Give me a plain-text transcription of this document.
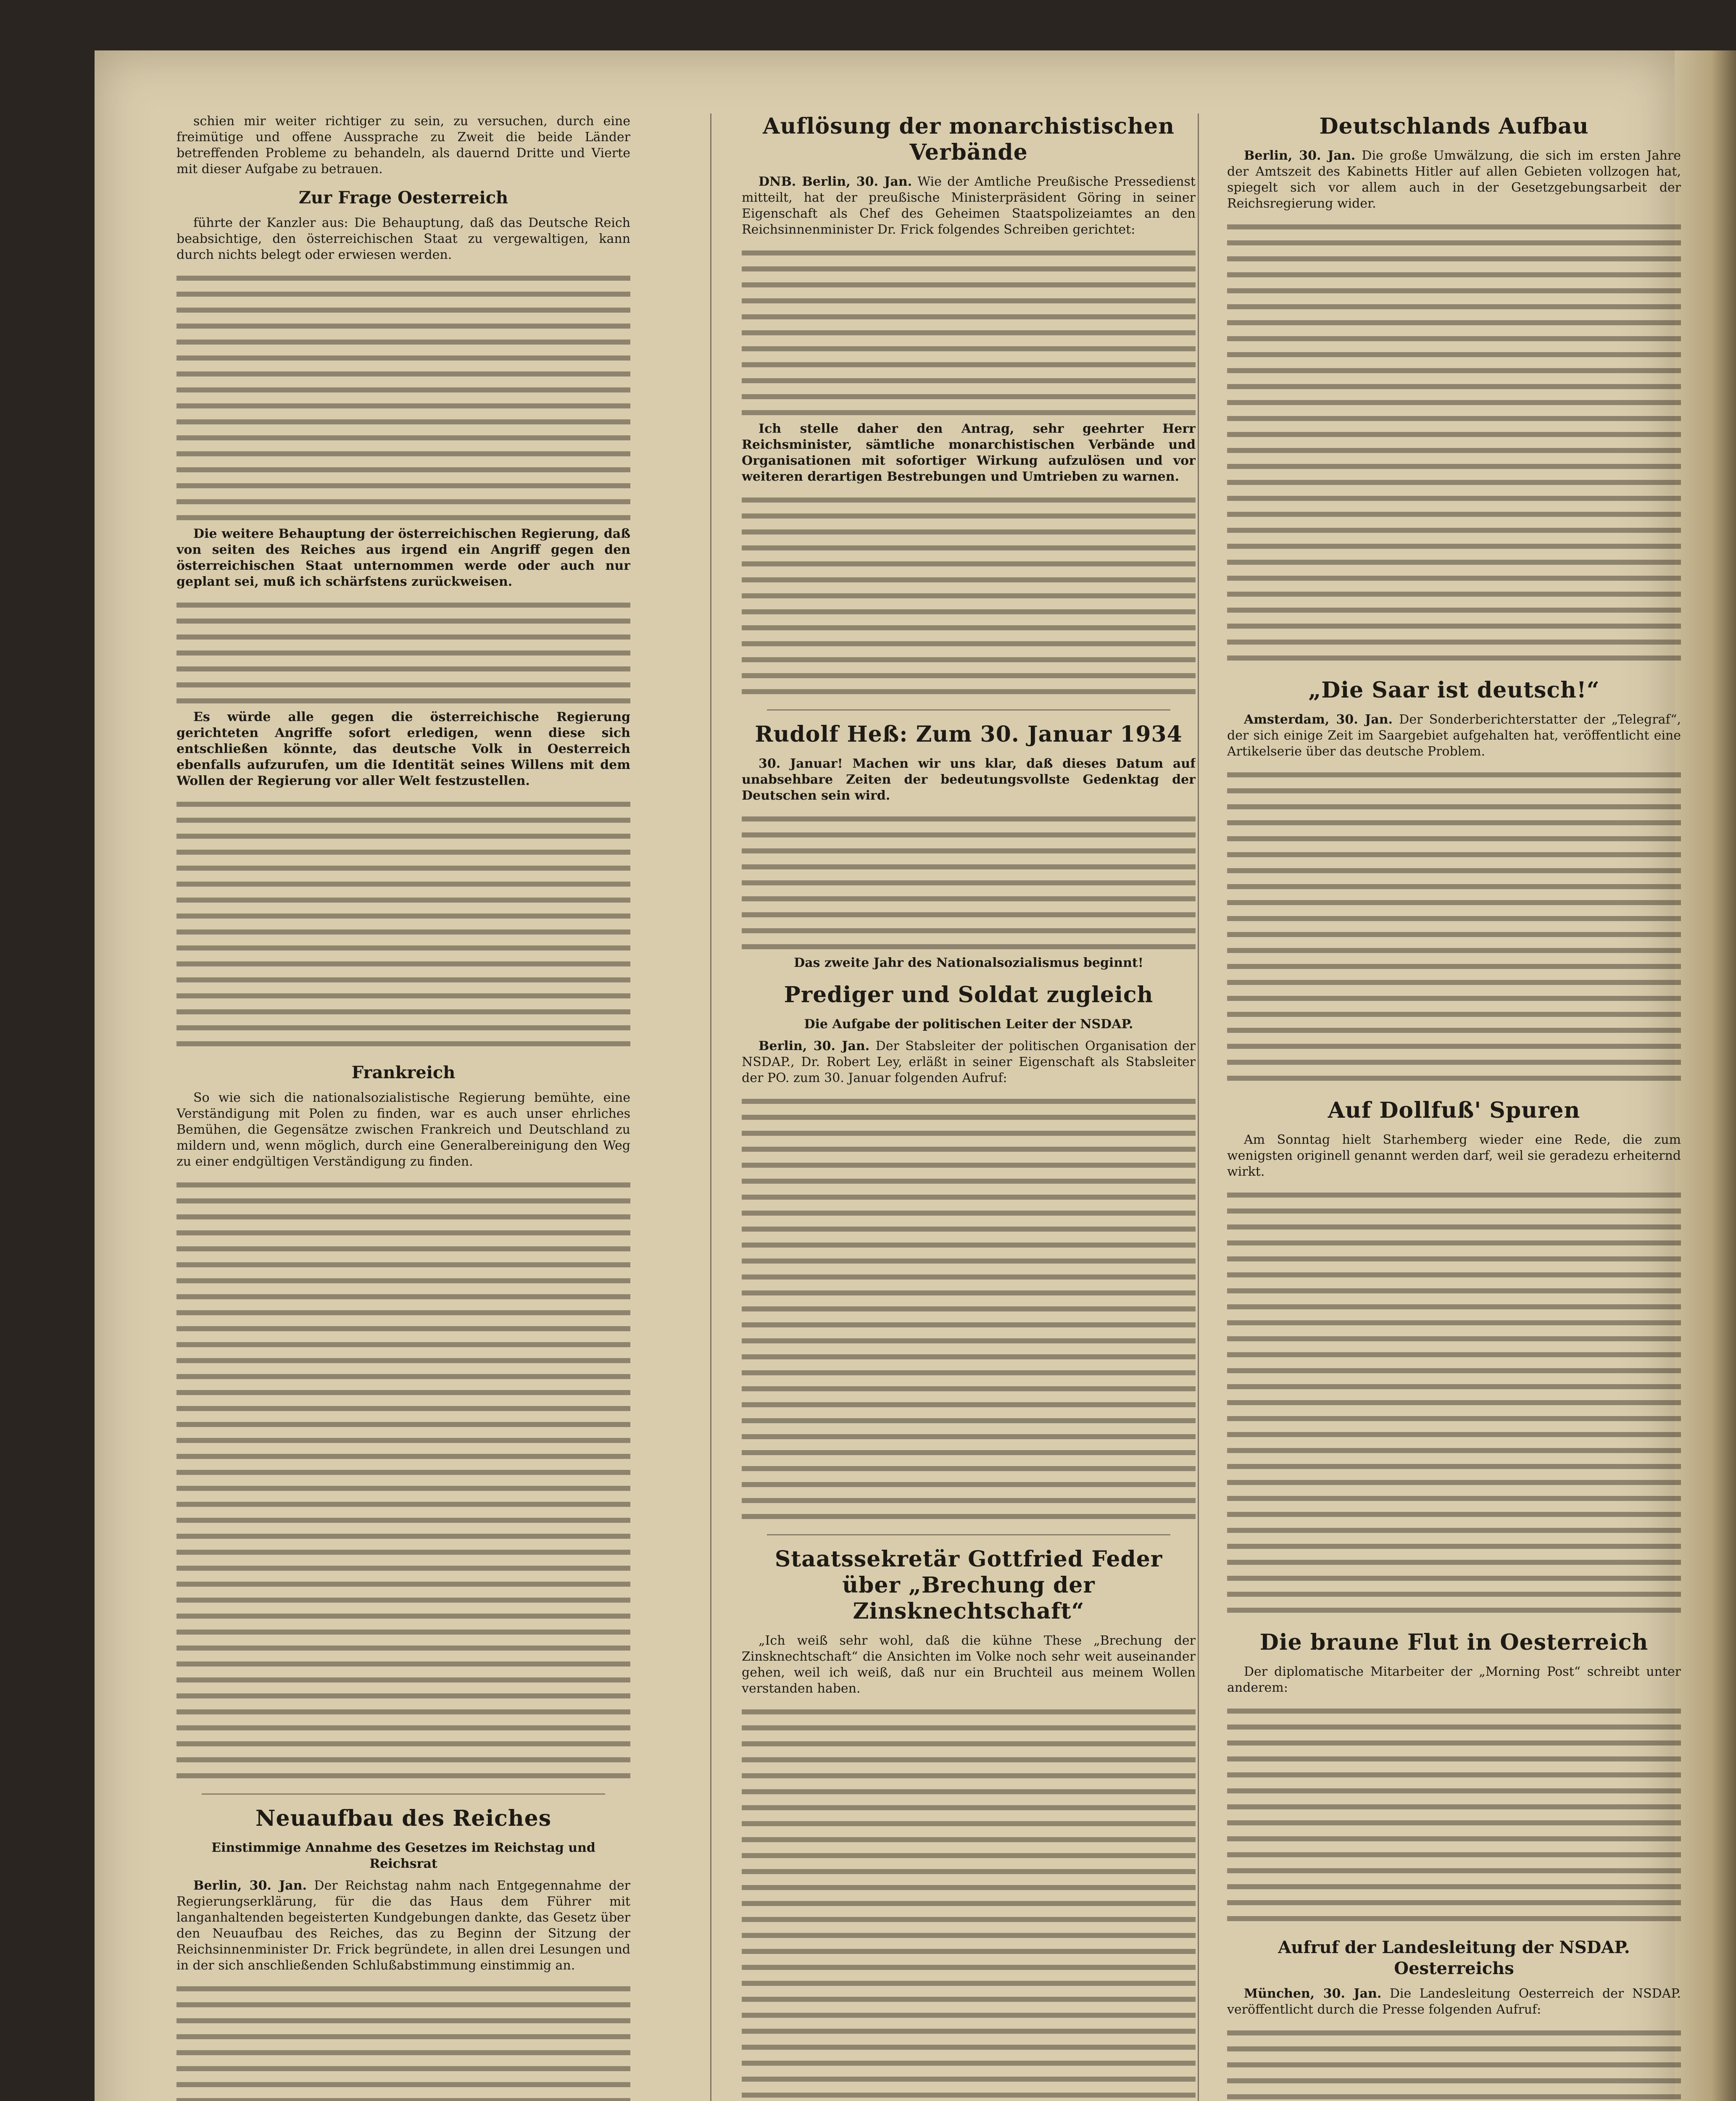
schien mir weiter richtiger zu sein, zu versuchen, durch eine freimütige und offene Aussprache zu Zweit die beide Länder betreffenden Probleme zu behandeln, als dauernd Dritte und Vierte mit dieser Aufgabe zu betrauen.

Zur Frage Oesterreich

führte der Kanzler aus: Die Behauptung, daß das Deutsche Reich beabsichtige, den österreichischen Staat zu vergewaltigen, kann durch nichts belegt oder erwiesen werden.

Die weitere Behauptung der österreichischen Regierung, daß von seiten des Reiches aus irgend ein Angriff gegen den österreichischen Staat unternommen werde oder auch nur geplant sei, muß ich schärfstens zurückweisen.

Es würde alle gegen die österreichische Regierung gerichteten Angriffe sofort erledigen, wenn diese sich entschließen könnte, das deutsche Volk in Oesterreich ebenfalls aufzurufen, um die Identität seines Willens mit dem Wollen der Regierung vor aller Welt festzustellen.

Frankreich

So wie sich die nationalsozialistische Regierung bemühte, eine Verständigung mit Polen zu finden, war es auch unser ehrliches Bemühen, die Gegensätze zwischen Frankreich und Deutschland zu mildern und, wenn möglich, durch eine Generalbereinigung den Weg zu einer endgültigen Verständigung zu finden.

Neuaufbau des Reiches
Einstimmige Annahme des Gesetzes im Reichstag und Reichsrat

Berlin, 30. Jan. Der Reichstag nahm nach Entgegennahme der Regierungserklärung, für die das Haus dem Führer mit langanhaltenden begeisterten Kundgebungen dankte, das Gesetz über den Neuaufbau des Reiches, das zu Beginn der Sitzung der Reichsinnenminister Dr. Frick begründete, in allen drei Lesungen und in der sich anschließenden Schlußabstimmung einstimmig an.

Auflösung der monarchistischen Verbände

DNB. Berlin, 30. Jan. Wie der Amtliche Preußische Pressedienst mitteilt, hat der preußische Ministerpräsident Göring in seiner Eigenschaft als Chef des Geheimen Staatspolizeiamtes an den Reichsinnenminister Dr. Frick folgendes Schreiben gerichtet:

Ich stelle daher den Antrag, sehr geehrter Herr Reichsminister, sämtliche monarchistischen Verbände und Organisationen mit sofortiger Wirkung aufzulösen und vor weiteren derartigen Bestrebungen und Umtrieben zu warnen.

Rudolf Heß: Zum 30. Januar 1934

30. Januar! Machen wir uns klar, daß dieses Datum auf unabsehbare Zeiten der bedeutungsvollste Gedenktag der Deutschen sein wird.

Das zweite Jahr des Nationalsozialismus beginnt!

Prediger und Soldat zugleich
Die Aufgabe der politischen Leiter der NSDAP.

Berlin, 30. Jan. Der Stabsleiter der politischen Organisation der NSDAP., Dr. Robert Ley, erläßt in seiner Eigenschaft als Stabsleiter der PO. zum 30. Januar folgenden Aufruf:

Staatssekretär Gottfried Feder über „Brechung der Zinsknechtschaft“

„Ich weiß sehr wohl, daß die kühne These „Brechung der Zinsknechtschaft“ die Ansichten im Volke noch sehr weit auseinander gehen, weil ich weiß, daß nur ein Bruchteil aus meinem Wollen verstanden haben.

Deutschlands Aufbau

Berlin, 30. Jan. Die große Umwälzung, die sich im ersten Jahre der Amtszeit des Kabinetts Hitler auf allen Gebieten vollzogen hat, spiegelt sich vor allem auch in der Gesetzgebungsarbeit der Reichsregierung wider.

„Die Saar ist deutsch!“

Amsterdam, 30. Jan. Der Sonderberichterstatter der „Telegraf“, der sich einige Zeit im Saargebiet aufgehalten hat, veröffentlicht eine Artikelserie über das deutsche Problem.

Auf Dollfuß' Spuren

Am Sonntag hielt Starhemberg wieder eine Rede, die zum wenigsten originell genannt werden darf, weil sie geradezu erheiternd wirkt.

Die braune Flut in Oesterreich

Der diplomatische Mitarbeiter der „Morning Post“ schreibt unter anderem:

Aufruf der Landesleitung der NSDAP. Oesterreichs

München, 30. Jan. Die Landesleitung Oesterreich der NSDAP. veröffentlicht durch die Presse folgenden Aufruf:
